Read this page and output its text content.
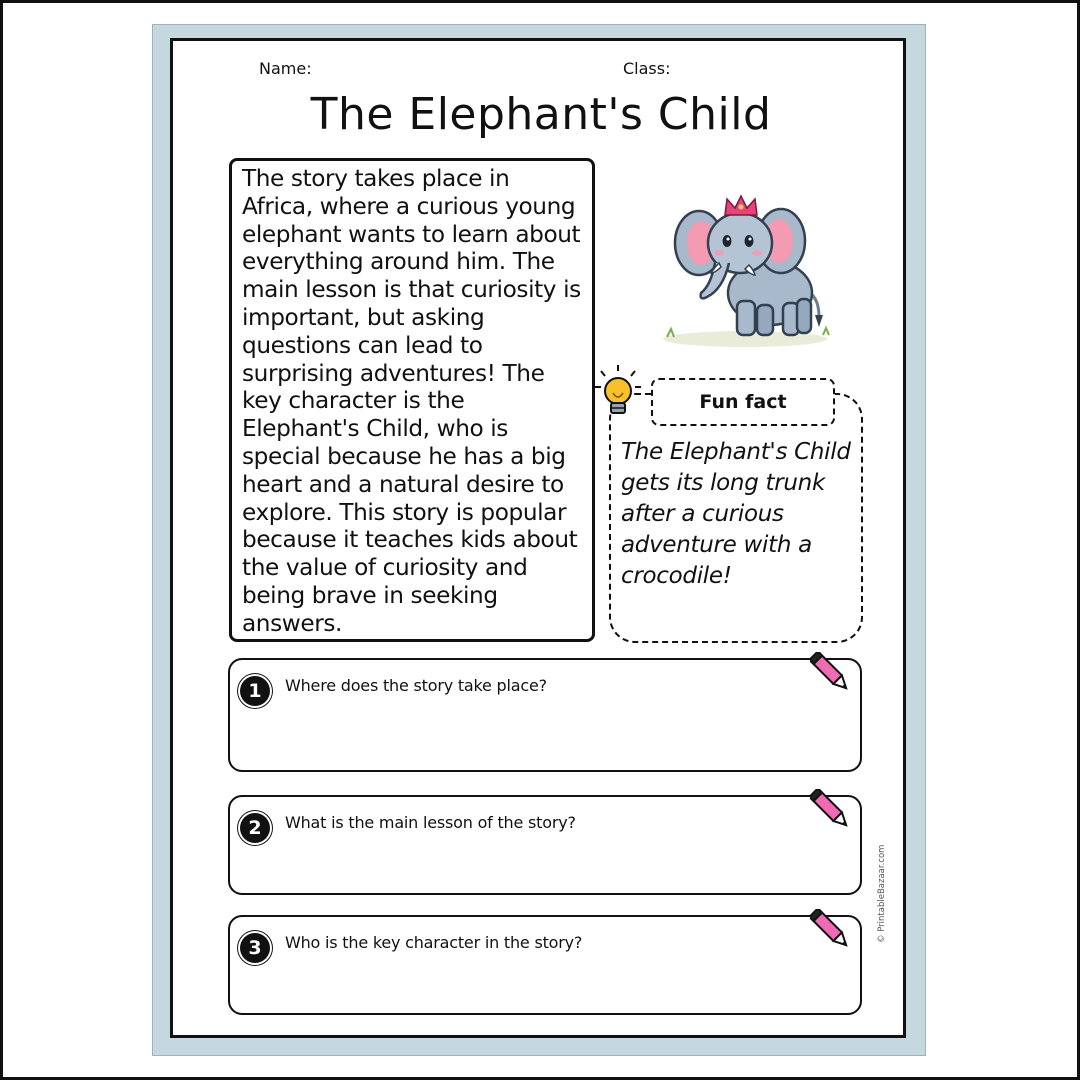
Name:	Class:
The Elephant's Child
The story takes place in Africa, where a curious young elephant wants to learn about everything around him. The main lesson is that curiosity is important, but asking questions can lead to surprising adventures! The key character is the Elephant's Child, who is special because he has a big heart and a natural desire to explore. This story is popular because it teaches kids about the value of curiosity and being brave in seeking answers.
Fun fact
The Elephant's Child gets its long trunk after a curious adventure with a crocodile!
1	Where does the story take place?
2	What is the main lesson of the story?
3	Who is the key character in the story?	© PrintableBazaar.com
